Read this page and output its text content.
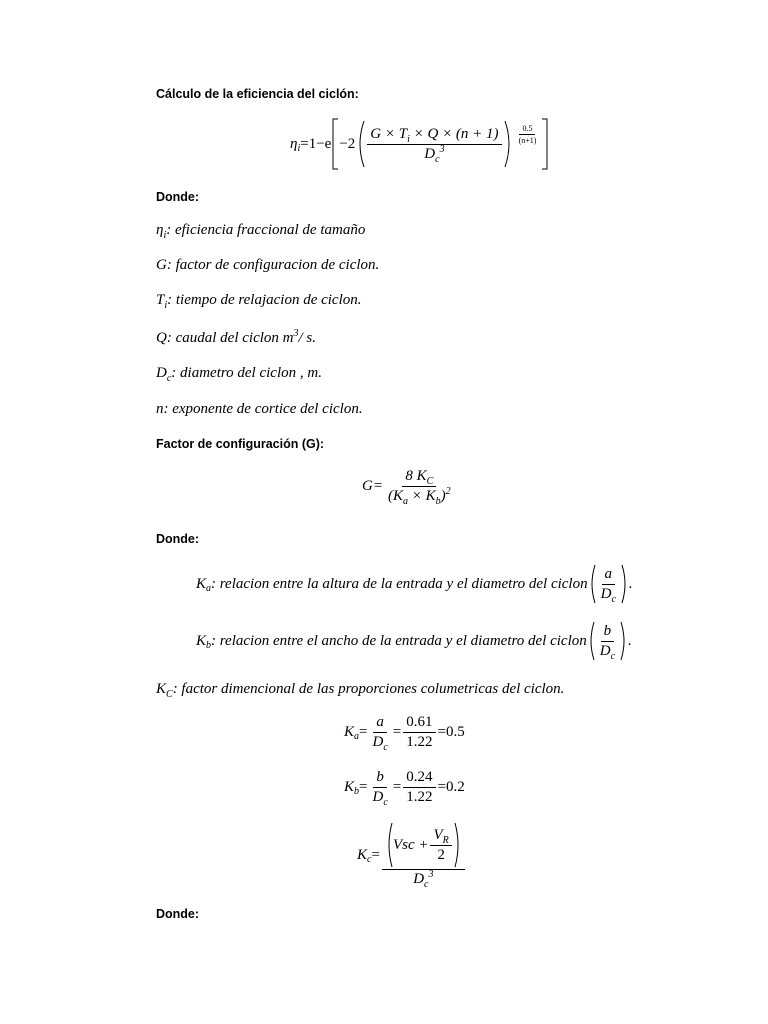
Cálculo de la eficiencia del ciclón:
η $i =1-e -2 \frac{G \times T_i \times Q \times (n + 1)}{D_c^3} \frac{0.5}{(n+1)}$
Donde:
$\eta_i$: eficiencia fraccional de tamaño
G: factor de configuracion de ciclon.
$T_i$: tiempo de relajacion de ciclon.
Q: caudal del ciclon $m^3/$ s.
$D_c$: diametro del ciclon , m.
n: exponente de cortice del ciclon.
Factor de configuración (G):
$G= \frac{8 K_C}{(K_a \times K_b)^2}$
Donde:
K a : relacion entre la altura de la entrada y el diametro del ciclon $\frac{a}{D_c}$ .
K b : relacion entre el ancho de la entrada y el diametro del ciclon $\frac{b}{D_c}$ .
$K_C$: factor dimencional de las proporciones columetricas del ciclon.
K $a = \frac{a}{D_c} = \frac{0.61}{1.22} =0.5$
K $b = \frac{b}{D_c} = \frac{0.24}{1.22} =0.2$
K $c = \frac{Vsc + \frac{V_R}{2}}{D_c^3}$
Donde:
